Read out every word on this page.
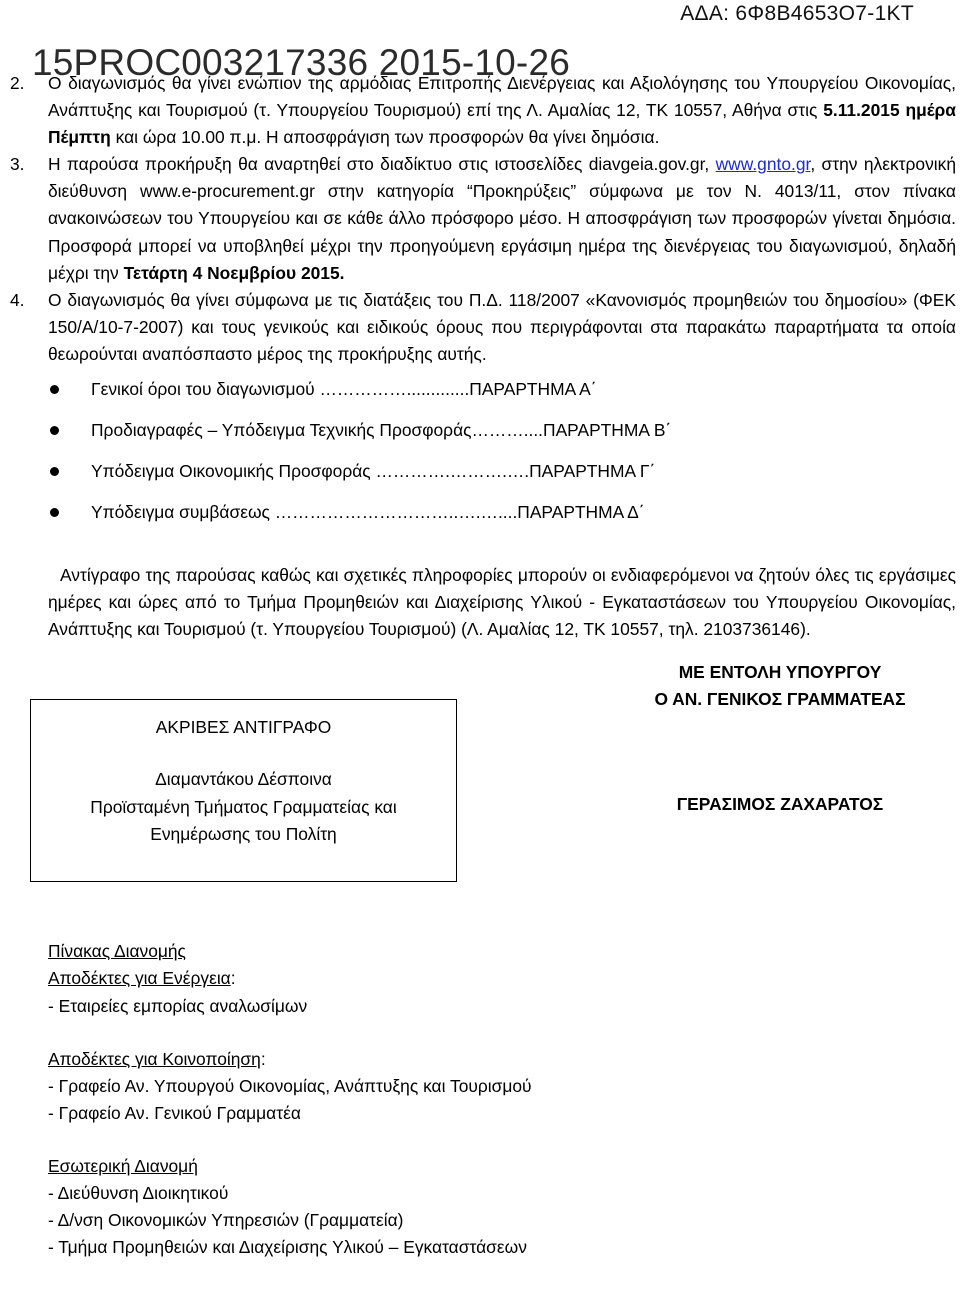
ΑΔΑ: 6Φ8Β4653Ο7-1ΚΤ
15PROC003217336 2015-10-26
2.	Ο διαγωνισμός θα γίνει ενώπιον της αρμόδιας Επιτροπής Διενέργειας και Αξιολόγησης του Υπουργείου Οικονομίας, Ανάπτυξης και Τουρισμού (τ. Υπουργείου Τουρισμού) επί της Λ. Αμαλίας 12, ΤΚ 10557, Αθήνα στις 5.11.2015 ημέρα Πέμπτη και ώρα 10.00 π.μ. Η αποσφράγιση των προσφορών θα γίνει δημόσια.
3.	Η παρούσα προκήρυξη θα αναρτηθεί στο διαδίκτυο στις ιστοσελίδες diavgeia.gov.gr, www.gnto.gr, στην ηλεκτρονική διεύθυνση www.e-procurement.gr στην κατηγορία “Προκηρύξεις” σύμφωνα με τον Ν. 4013/11, στον πίνακα ανακοινώσεων του Υπουργείου και σε κάθε άλλο πρόσφορο μέσο. Η αποσφράγιση των προσφορών γίνεται δημόσια. Προσφορά μπορεί να υποβληθεί μέχρι την προηγούμενη εργάσιμη ημέρα της διενέργειας του διαγωνισμού, δηλαδή μέχρι την Τετάρτη 4 Νοεμβρίου 2015.
4.	Ο διαγωνισμός θα γίνει σύμφωνα με τις διατάξεις του Π.Δ. 118/2007 «Κανονισμός προμηθειών του δημοσίου» (ΦΕΚ 150/Α/10-7-2007) και τους γενικούς και ειδικούς όρους που περιγράφονται στα παρακάτω παραρτήματα τα οποία θεωρούνται αναπόσπαστο μέρος της προκήρυξης αυτής.
Γενικοί όροι του διαγωνισμού …………….............ΠΑΡΑΡΤΗΜΑ Α΄
Προδιαγραφές – Υπόδειγμα Τεχνικής Προσφοράς………....ΠΑΡΑΡΤΗΜΑ Β΄
Υπόδειγμα Οικονομικής Προσφοράς ………….……….….ΠΑΡΑΡΤΗΜΑ Γ΄
Υπόδειγμα συμβάσεως …………………………..….…....ΠΑΡΑΡΤΗΜΑ Δ΄
Αντίγραφο της παρούσας καθώς και σχετικές πληροφορίες μπορούν οι ενδιαφερόμενοι να ζητούν όλες τις εργάσιμες ημέρες και ώρες από το Τμήμα Προμηθειών και Διαχείρισης Υλικού - Εγκαταστάσεων του Υπουργείου Οικονομίας, Ανάπτυξης και Τουρισμού (τ. Υπουργείου Τουρισμού) (Λ. Αμαλίας 12, ΤΚ 10557, τηλ. 2103736146).
ΑΚΡΙΒΕΣ ΑΝΤΙΓΡΑΦΟ
Διαμαντάκου Δέσποινα
Προϊσταμένη Τμήματος Γραμματείας και
Ενημέρωσης του Πολίτη
ΜΕ ΕΝΤΟΛΗ ΥΠΟΥΡΓΟΥ
Ο ΑΝ. ΓΕΝΙΚΟΣ ΓΡΑΜΜΑΤΕΑΣ
ΓΕΡΑΣΙΜΟΣ ΖΑΧΑΡΑΤΟΣ
Πίνακας Διανομής
Αποδέκτες για Ενέργεια:
- Εταιρείες εμπορίας αναλωσίμων
Αποδέκτες για Κοινοποίηση:
- Γραφείο Αν. Υπουργού Οικονομίας, Ανάπτυξης και Τουρισμού
- Γραφείο Αν. Γενικού Γραμματέα
Εσωτερική Διανομή
- Διεύθυνση Διοικητικού
- Δ/νση Οικονομικών Υπηρεσιών (Γραμματεία)
- Τμήμα Προμηθειών και Διαχείρισης Υλικού – Εγκαταστάσεων
